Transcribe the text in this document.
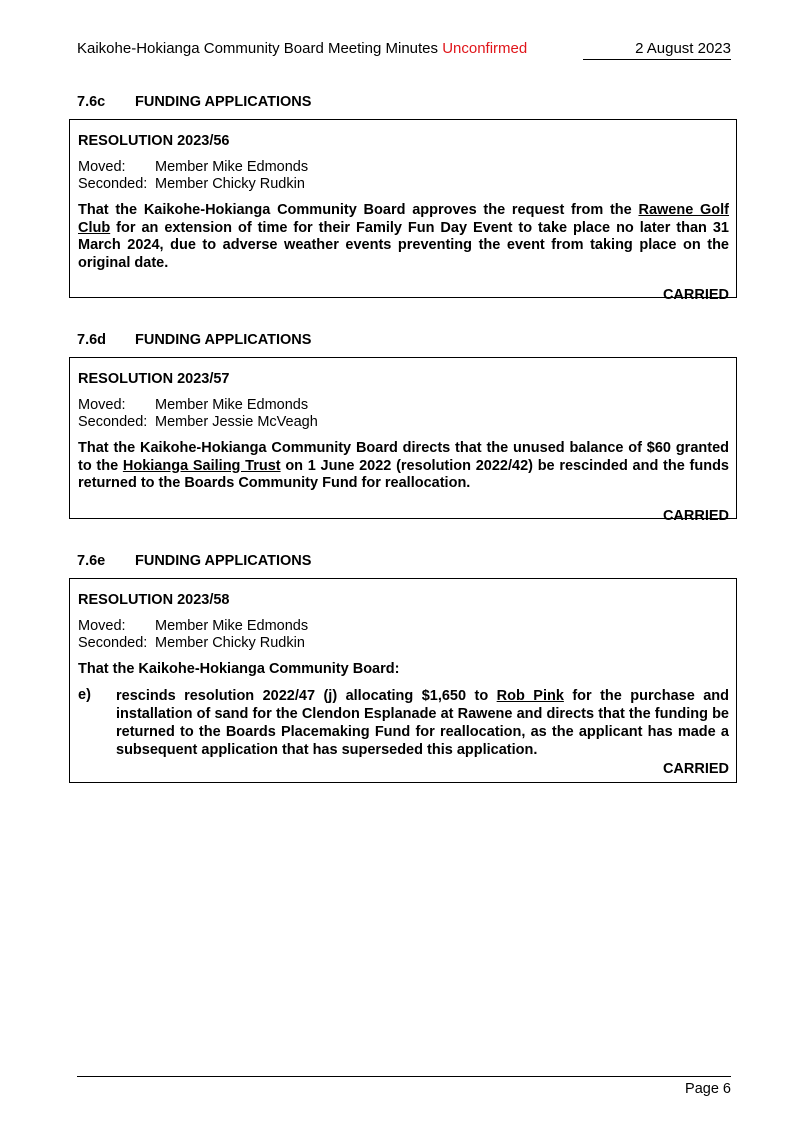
Kaikohe-Hokianga Community Board Meeting Minutes Unconfirmed	2 August 2023
7.6c FUNDING APPLICATIONS
RESOLUTION 2023/56
Moved: Member Mike Edmonds
Seconded: Member Chicky Rudkin
That the Kaikohe-Hokianga Community Board approves the request from the Rawene Golf Club for an extension of time for their Family Fun Day Event to take place no later than 31 March 2024, due to adverse weather events preventing the event from taking place on the original date.
CARRIED
7.6d FUNDING APPLICATIONS
RESOLUTION 2023/57
Moved: Member Mike Edmonds
Seconded: Member Jessie McVeagh
That the Kaikohe-Hokianga Community Board directs that the unused balance of $60 granted to the Hokianga Sailing Trust on 1 June 2022 (resolution 2022/42) be rescinded and the funds returned to the Boards Community Fund for reallocation.
CARRIED
7.6e FUNDING APPLICATIONS
RESOLUTION 2023/58
Moved: Member Mike Edmonds
Seconded: Member Chicky Rudkin
That the Kaikohe-Hokianga Community Board:
e)	rescinds resolution 2022/47 (j) allocating $1,650 to Rob Pink for the purchase and installation of sand for the Clendon Esplanade at Rawene and directs that the funding be returned to the Boards Placemaking Fund for reallocation, as the applicant has made a subsequent application that has superseded this application.
CARRIED
Page 6
